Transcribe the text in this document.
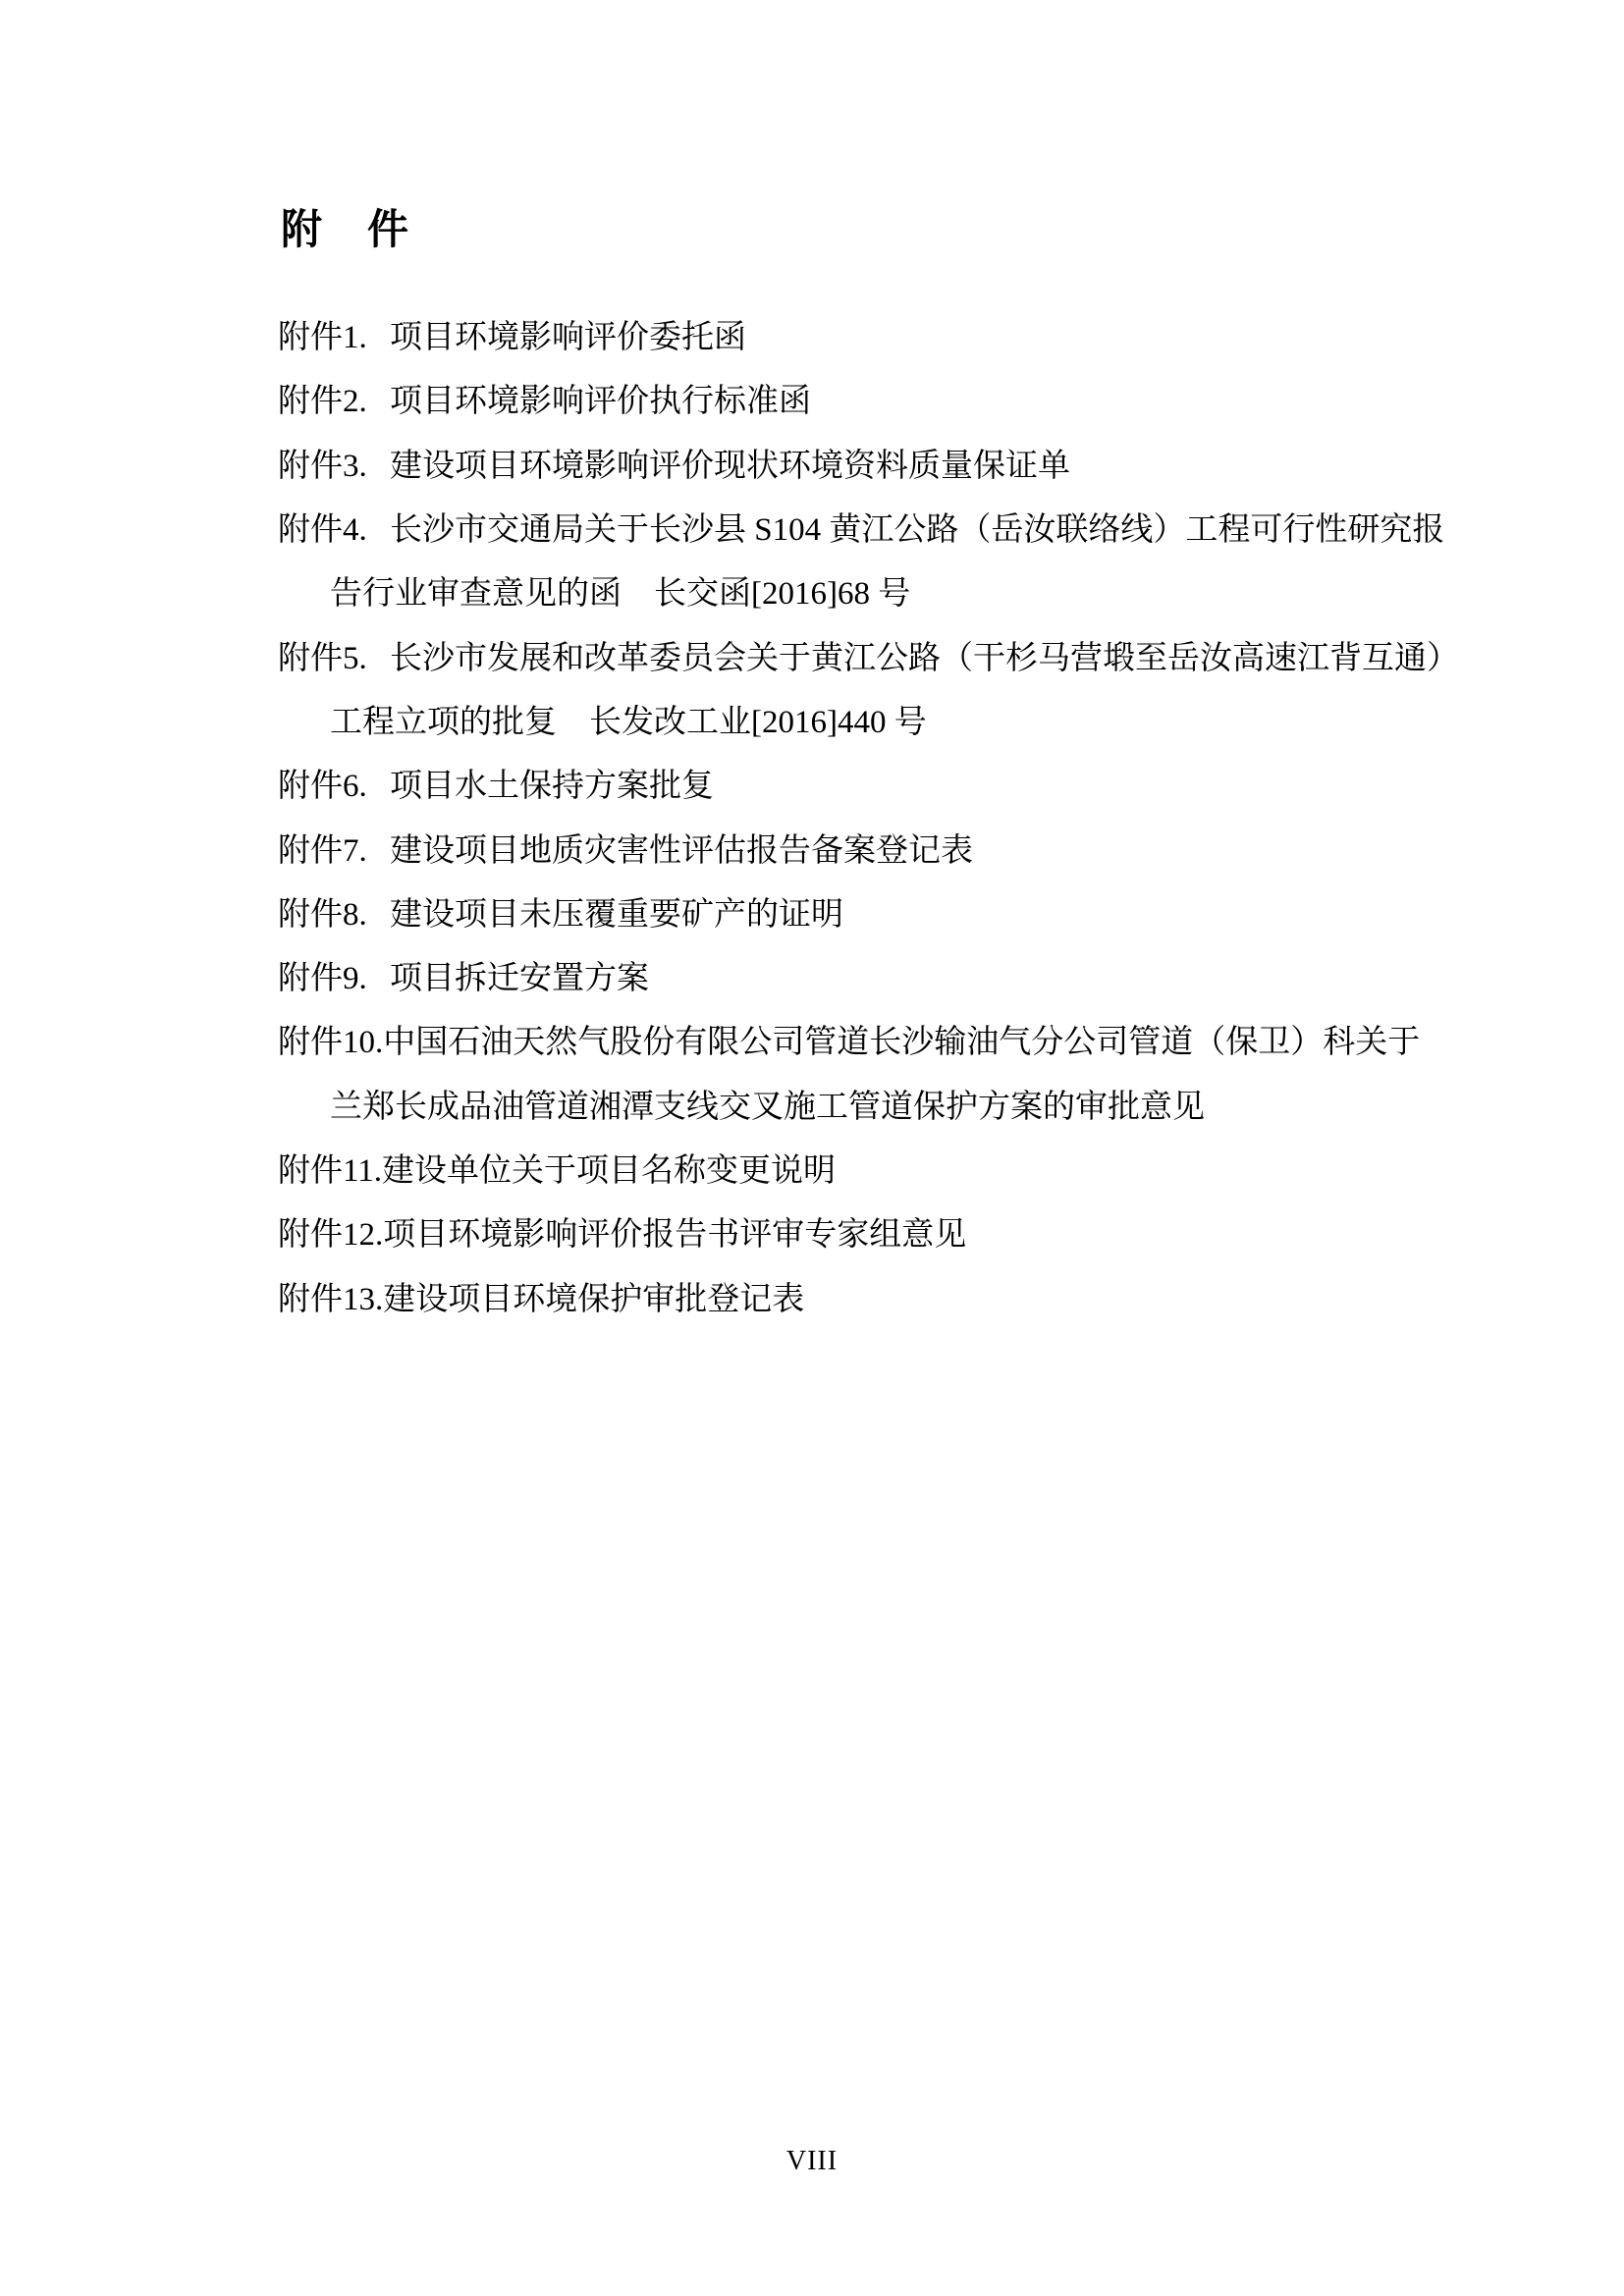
附　件
附件1. 项目环境影响评价委托函
附件2. 项目环境影响评价执行标准函
附件3. 建设项目环境影响评价现状环境资料质量保证单
附件4. 长沙市交通局关于长沙县 S104 黄江公路（岳汝联络线）工程可行性研究报
告行业审查意见的函　长交函[2016]68 号
附件5. 长沙市发展和改革委员会关于黄江公路（干杉马营塅至岳汝高速江背互通）
工程立项的批复　长发改工业[2016]440 号
附件6. 项目水土保持方案批复
附件7. 建设项目地质灾害性评估报告备案登记表
附件8. 建设项目未压覆重要矿产的证明
附件9. 项目拆迁安置方案
附件10. 中国石油天然气股份有限公司管道长沙输油气分公司管道（保卫）科关于
兰郑长成品油管道湘潭支线交叉施工管道保护方案的审批意见
附件11. 建设单位关于项目名称变更说明
附件12. 项目环境影响评价报告书评审专家组意见
附件13. 建设项目环境保护审批登记表
VIII
